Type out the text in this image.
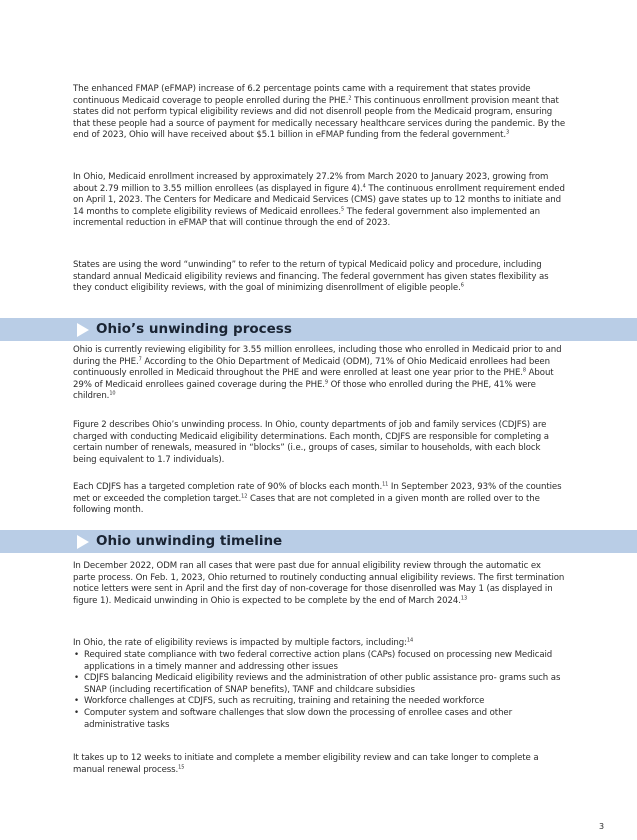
The enhanced FMAP (eFMAP) increase of 6.2 percentage points came with a requirement that states provide continuous Medicaid coverage to people enrolled during the PHE.$^2$ This continuous enrollment provision meant that states did not perform typical eligibility reviews and did not disenroll people from the Medicaid program, ensuring that these people had a source of payment for medically necessary healthcare services during the pandemic. By the end of 2023, Ohio will have received about $5.1 billion in eFMAP funding from the federal government.$^3$

In Ohio, Medicaid enrollment increased by approximately 27.2% from March 2020 to January 2023, growing from about 2.79 million to 3.55 million enrollees (as displayed in figure 4).$^4$ The continuous enrollment requirement ended on April 1, 2023. The Centers for Medicare and Medicaid Services (CMS) gave states up to 12 months to initiate and 14 months to complete eligibility reviews of Medicaid enrollees.$^5$ The federal government also implemented an incremental reduction in eFMAP that will continue through the end of 2023.

States are using the word “unwinding” to refer to the return of typical Medicaid policy and procedure, including standard annual Medicaid eligibility reviews and financing. The federal government has given states flexibility as they conduct eligibility reviews, with the goal of minimizing disenrollment of eligible people.$^6$

Ohio’s unwinding process

Ohio is currently reviewing eligibility for 3.55 million enrollees, including those who enrolled in Medicaid prior to and during the PHE.$^7$ According to the Ohio Department of Medicaid (ODM), 71% of Ohio Medicaid enrollees had been continuously enrolled in Medicaid throughout the PHE and were enrolled at least one year prior to the PHE.$^8$ About 29% of Medicaid enrollees gained coverage during the PHE.$^9$ Of those who enrolled during the PHE, 41% were children.$^{10}$

Figure 2 describes Ohio’s unwinding process. In Ohio, county departments of job and family services (CDJFS) are charged with conducting Medicaid eligibility determinations. Each month, CDJFS are responsible for completing a certain number of renewals, measured in “blocks” (i.e., groups of cases, similar to households, with each block being equivalent to 1.7 individuals).

Each CDJFS has a targeted completion rate of 90% of blocks each month.$^{11}$ In September 2023, 93% of the counties met or exceeded the completion target.$^{12}$ Cases that are not completed in a given month are rolled over to the following month.

Ohio unwinding timeline

In December 2022, ODM ran all cases that were past due for annual eligibility review through the automatic ex parte process. On Feb. 1, 2023, Ohio returned to routinely conducting annual eligibility reviews. The first termination notice letters were sent in April and the first day of non-coverage for those disenrolled was May 1 (as displayed in figure 1). Medicaid unwinding in Ohio is expected to be complete by the end of March 2024.13

In Ohio, the rate of eligibility reviews is impacted by multiple factors, including:$^{14}$

• Required state compliance with two federal corrective action plans (CAPs) focused on processing new Medicaid applications in a timely manner and addressing other issues
• CDJFS balancing Medicaid eligibility reviews and the administration of other public assistance pro- grams such as SNAP (including recertification of SNAP benefits), TANF and childcare subsidies
• Workforce challenges at CDJFS, such as recruiting, training and retaining the needed workforce
• Computer system and software challenges that slow down the processing of enrollee cases and other administrative tasks

It takes up to 12 weeks to initiate and complete a member eligibility review and can take longer to complete a manual renewal process.$^{15}$

3
